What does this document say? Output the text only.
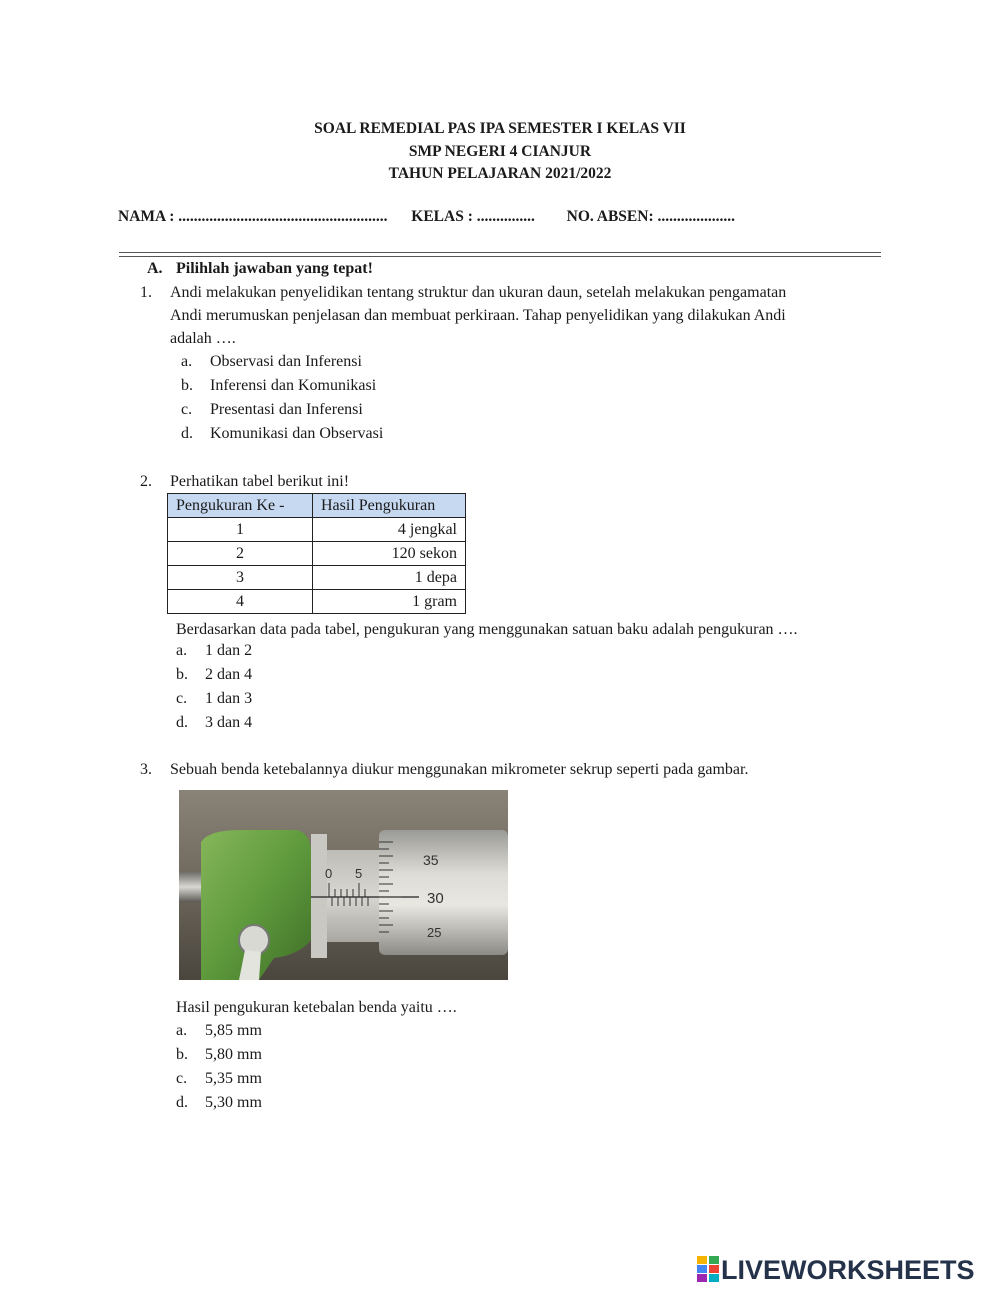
SOAL REMEDIAL PAS IPA SEMESTER I KELAS VII
SMP NEGERI 4 CIANJUR
TAHUN PELAJARAN 2021/2022
NAMA : ...................................................... KELAS : ............... NO. ABSEN: ....................
A. Pilihlah jawaban yang tepat!
1. Andi melakukan penyelidikan tentang struktur dan ukuran daun, setelah melakukan pengamatan
Andi merumuskan penjelasan dan membuat perkiraan. Tahap penyelidikan yang dilakukan Andi
adalah ….
a. Observasi dan Inferensi
b. Inferensi dan Komunikasi
c. Presentasi dan Inferensi
d. Komunikasi dan Observasi
2. Perhatikan tabel berikut ini!
Pengukuran Ke -	Hasil Pengukuran
1	4 jengkal
2	120 sekon
3	1 depa
4	1 gram
Berdasarkan data pada tabel, pengukuran yang menggunakan satuan baku adalah pengukuran ….
a. 1 dan 2
b. 2 dan 4
c. 1 dan 3
d. 3 dan 4
3. Sebuah benda ketebalannya diukur menggunakan mikrometer sekrup seperti pada gambar.
0 5
35
30
25
Hasil pengukuran ketebalan benda yaitu ….
a. 5,85 mm
b. 5,80 mm
c. 5,35 mm
d. 5,30 mm
LIVEWORKSHEETS
